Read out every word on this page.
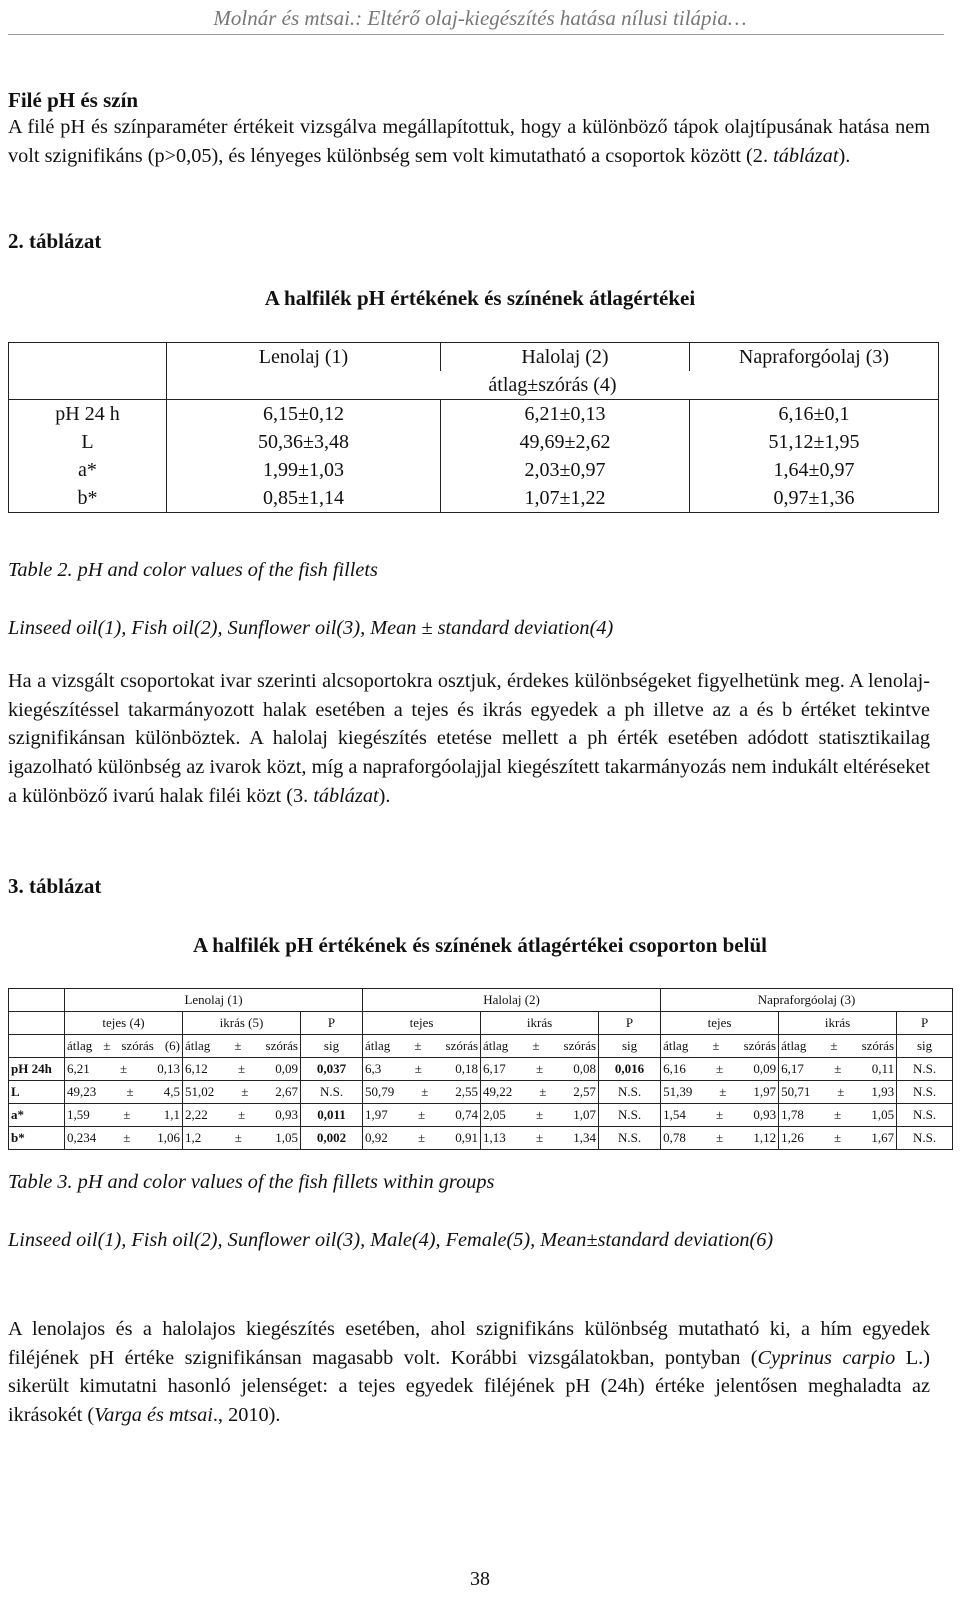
Molnár és mtsai.: Eltérő olaj-kiegészítés hatása nílusi tilápia…
Filé pH és szín
A filé pH és színparaméter értékeit vizsgálva megállapítottuk, hogy a különböző tápok olajtípusának hatása nem volt szignifikáns (p>0,05), és lényeges különbség sem volt kimutatható a csoportok között (2. táblázat).
2. táblázat
A halfilék pH értékének és színének átlagértékei
	Lenolaj (1)	Halolaj (2)	Napraforgóolaj (3)
	átlag±szórás (4)		
pH 24 h	6,15±0,12	6,21±0,13	6,16±0,1
L	50,36±3,48	49,69±2,62	51,12±1,95
a*	1,99±1,03	2,03±0,97	1,64±0,97
b*	0,85±1,14	1,07±1,22	0,97±1,36
Table 2. pH and color values of the fish fillets
Linseed oil(1), Fish oil(2), Sunflower oil(3), Mean ± standard deviation(4)
Ha a vizsgált csoportokat ivar szerinti alcsoportokra osztjuk, érdekes különbségeket figyelhetünk meg. A lenolaj-kiegészítéssel takarmányozott halak esetében a tejes és ikrás egyedek a ph illetve az a és b értéket tekintve szignifikánsan különböztek. A halolaj kiegészítés etetése mellett a ph érték esetében adódott statisztikailag igazolható különbség az ivarok közt, míg a napraforgóolajjal kiegészített takarmányozás nem indukált eltéréseket a különböző ivarú halak filéi közt (3. táblázat).
3. táblázat
A halfilék pH értékének és színének átlagértékei csoporton belül
	Lenolaj (1)			Halolaj (2)			Napraforgóolaj (3)		
	tejes (4)	ikrás (5)	P	tejes	ikrás	P	tejes	ikrás	P
	átlag ± szórás (6)	átlag ± szórás	sig	átlag ± szórás	átlag ± szórás	sig	átlag ± szórás	átlag ± szórás	sig
pH 24h	6,21 ± 0,13	6,12 ± 0,09	0,037	6,3 ± 0,18	6,17 ± 0,08	0,016	6,16 ± 0,09	6,17 ± 0,11	N.S.
L	49,23 ± 4,5	51,02 ± 2,67	N.S.	50,79 ± 2,55	49,22 ± 2,57	N.S.	51,39 ± 1,97	50,71 ± 1,93	N.S.
a*	1,59 ± 1,1	2,22 ± 0,93	0,011	1,97 ± 0,74	2,05 ± 1,07	N.S.	1,54 ± 0,93	1,78 ± 1,05	N.S.
b*	0,234 ± 1,06	1,2 ± 1,05	0,002	0,92 ± 0,91	1,13 ± 1,34	N.S.	0,78 ± 1,12	1,26 ± 1,67	N.S.
Table 3. pH and color values of the fish fillets within groups
Linseed oil(1), Fish oil(2), Sunflower oil(3), Male(4), Female(5), Mean±standard deviation(6)
A lenolajos és a halolajos kiegészítés esetében, ahol szignifikáns különbség mutatható ki, a hím egyedek filéjének pH értéke szignifikánsan magasabb volt. Korábbi vizsgálatokban, pontyban (Cyprinus carpio L.) sikerült kimutatni hasonló jelenséget: a tejes egyedek filéjének pH (24h) értéke jelentősen meghaladta az ikrásokét (Varga és mtsai., 2010).
38
